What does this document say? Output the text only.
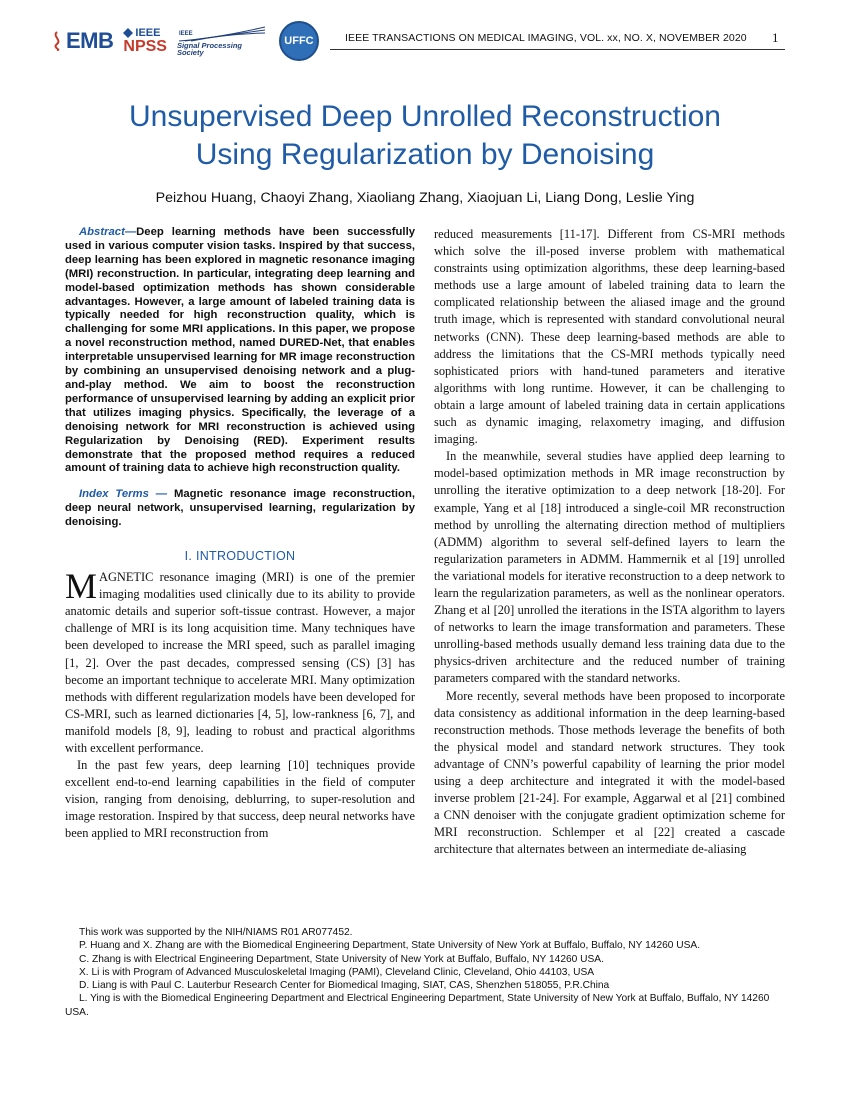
EMB IEEE
NPSS
IEEE
Signal Processing Society
UFFC	IEEE TRANSACTIONS ON MEDICAL IMAGING, VOL. xx, NO. X, NOVEMBER 2020 1
Unsupervised Deep Unrolled Reconstruction
Using Regularization by Denoising
Peizhou Huang, Chaoyi Zhang, Xiaoliang Zhang, Xiaojuan Li, Liang Dong, Leslie Ying

Abstract—Deep learning methods have been successfully used in various computer vision tasks. Inspired by that success, deep learning has been explored in magnetic resonance imaging (MRI) reconstruction. In particular, integrating deep learning and model-based optimization methods has shown considerable advantages. However, a large amount of labeled training data is typically needed for high reconstruction quality, which is challenging for some MRI applications. In this paper, we propose a novel reconstruction method, named DURED-Net, that enables interpretable unsupervised learning for MR image reconstruction by combining an unsupervised denoising network and a plug-and-play method. We aim to boost the reconstruction performance of unsupervised learning by adding an explicit prior that utilizes imaging physics. Specifically, the leverage of a denoising network for MRI reconstruction is achieved using Regularization by Denoising (RED). Experiment results demonstrate that the proposed method requires a reduced amount of training data to achieve high reconstruction quality.

Index Terms — Magnetic resonance image reconstruction, deep neural network, unsupervised learning, regularization by denoising.

I. INTRODUCTION

MAGNETIC resonance imaging (MRI) is one of the premier imaging modalities used clinically due to its ability to provide anatomic details and superior soft-tissue contrast. However, a major challenge of MRI is its long acquisition time. Many techniques have been developed to increase the MRI speed, such as parallel imaging [1, 2]. Over the past decades, compressed sensing (CS) [3] has become an important technique to accelerate MRI. Many optimization methods with different regularization models have been developed for CS-MRI, such as learned dictionaries [4, 5], low-rankness [6, 7], and manifold models [8, 9], leading to robust and practical algorithms with excellent performance.

In the past few years, deep learning [10] techniques provide excellent end-to-end learning capabilities in the field of computer vision, ranging from denoising, deblurring, to super-resolution and image restoration. Inspired by that success, deep neural networks have been applied to MRI reconstruction from

reduced measurements [11-17]. Different from CS-MRI methods which solve the ill-posed inverse problem with mathematical constraints using optimization algorithms, these deep learning-based methods use a large amount of labeled training data to learn the complicated relationship between the aliased image and the ground truth image, which is represented with standard convolutional neural networks (CNN). These deep learning-based methods are able to address the limitations that the CS-MRI methods typically need sophisticated priors with hand-tuned parameters and iterative algorithms with long runtime. However, it can be challenging to obtain a large amount of labeled training data in certain applications such as dynamic imaging, relaxometry imaging, and diffusion imaging.

In the meanwhile, several studies have applied deep learning to model-based optimization methods in MR image reconstruction by unrolling the iterative optimization to a deep network [18-20]. For example, Yang et al [18] introduced a single-coil MR reconstruction method by unrolling the alternating direction method of multipliers (ADMM) algorithm to several self-defined layers to learn the regularization parameters in ADMM. Hammernik et al [19] unrolled the variational models for iterative reconstruction to a deep network to learn the regularization parameters, as well as the nonlinear operators. Zhang et al [20] unrolled the iterations in the ISTA algorithm to layers of networks to learn the image transformation and parameters. These unrolling-based methods usually demand less training data due to the physics-driven architecture and the reduced number of training parameters compared with the standard networks.

More recently, several methods have been proposed to incorporate data consistency as additional information in the deep learning-based reconstruction methods. Those methods leverage the benefits of both the physical model and standard network structures. They took advantage of CNN’s powerful capability of learning the prior model using a deep architecture and integrated it with the model-based inverse problem [21-24]. For example, Aggarwal et al [21] combined a CNN denoiser with the conjugate gradient optimization scheme for MRI reconstruction. Schlemper et al [22] created a cascade architecture that alternates between an intermediate de-aliasing

This work was supported by the NIH/NIAMS R01 AR077452.

P. Huang and X. Zhang are with the Biomedical Engineering Department, State University of New York at Buffalo, Buffalo, NY 14260 USA.

C. Zhang is with Electrical Engineering Department, State University of New York at Buffalo, Buffalo, NY 14260 USA.

X. Li is with Program of Advanced Musculoskeletal Imaging (PAMI), Cleveland Clinic, Cleveland, Ohio 44103, USA

D. Liang is with Paul C. Lauterbur Research Center for Biomedical Imaging, SIAT, CAS, Shenzhen 518055, P.R.China

L. Ying is with the Biomedical Engineering Department and Electrical Engineering Department, State University of New York at Buffalo, Buffalo, NY 14260 USA.
